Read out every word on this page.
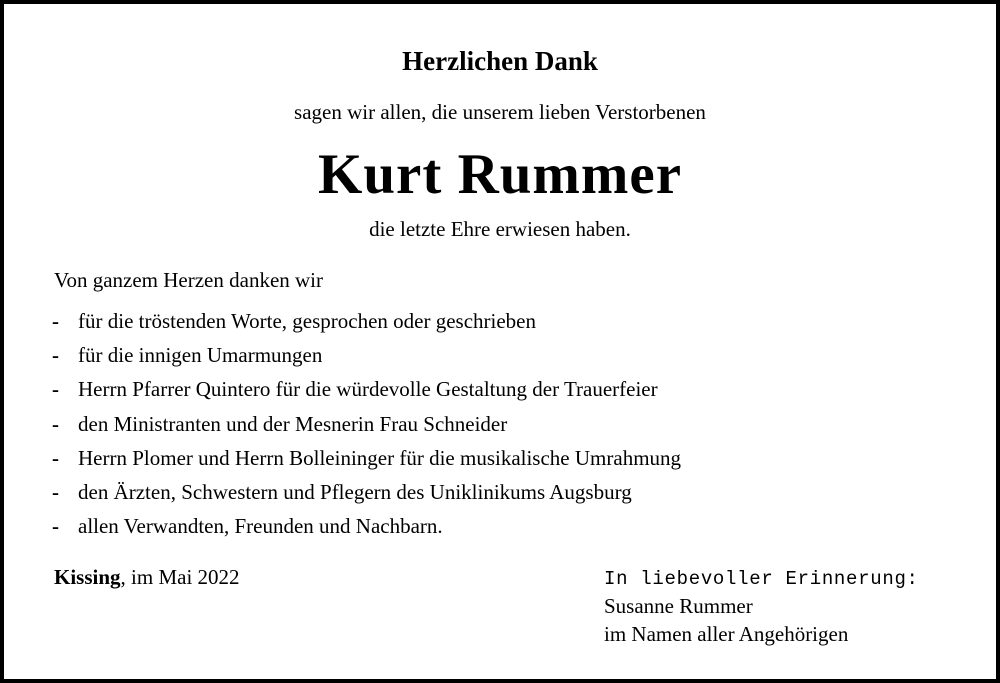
Herzlichen Dank
sagen wir allen, die unserem lieben Verstorbenen
Kurt Rummer
die letzte Ehre erwiesen haben.
Von ganzem Herzen danken wir
- für die tröstenden Worte, gesprochen oder geschrieben
- für die innigen Umarmungen
- Herrn Pfarrer Quintero für die würdevolle Gestaltung der Trauerfeier
- den Ministranten und der Mesnerin Frau Schneider
- Herrn Plomer und Herrn Bolleininger für die musikalische Umrahmung
- den Ärzten, Schwestern und Pflegern des Uniklinikums Augsburg
- allen Verwandten, Freunden und Nachbarn.
Kissing, im Mai 2022	In liebevoller Erinnerung:
Susanne Rummer
im Namen aller Angehörigen
